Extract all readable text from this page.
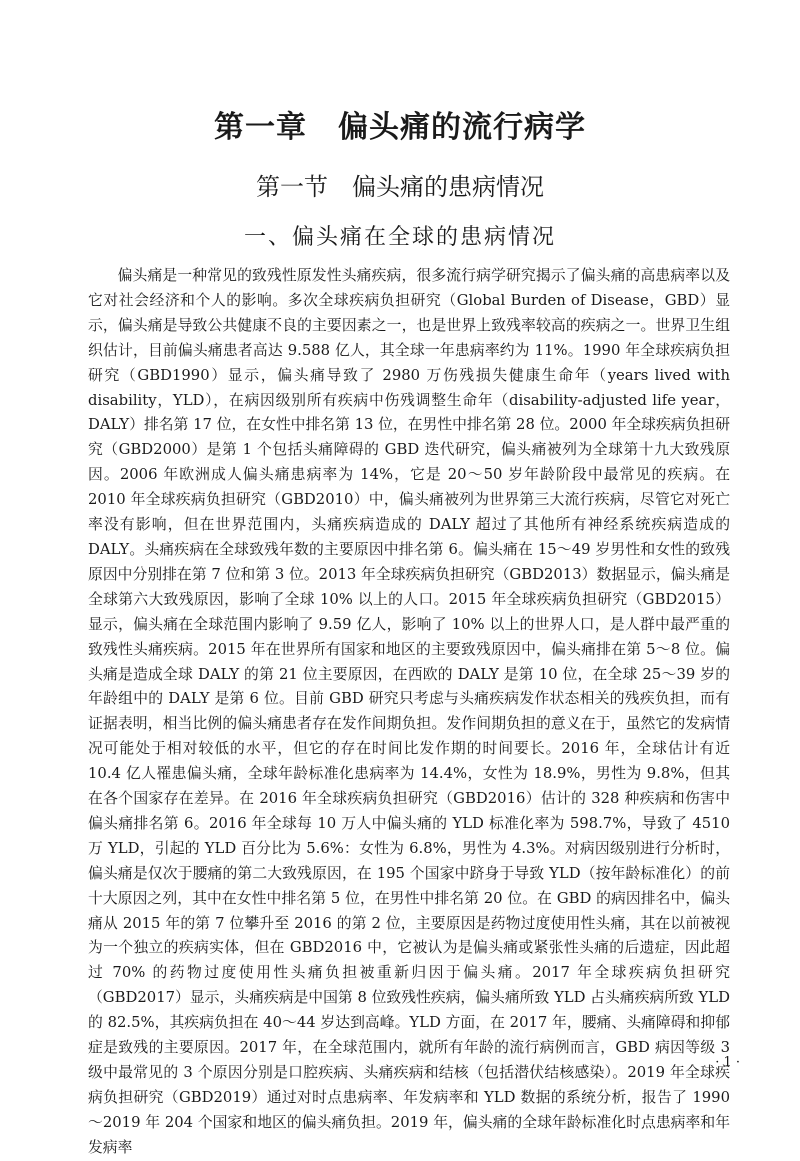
第一章　偏头痛的流行病学
第一节　偏头痛的患病情况
一、偏头痛在全球的患病情况

偏头痛是一种常见的致残性原发性头痛疾病，很多流行病学研究揭示了偏头痛的高患病率以及它对社会经济和个人的影响。多次全球疾病负担研究（Global Burden of Disease，GBD）显示，偏头痛是导致公共健康不良的主要因素之一，也是世界上致残率较高的疾病之一。世界卫生组织估计，目前偏头痛患者高达 9.588 亿人，其全球一年患病率约为 11%。1990 年全球疾病负担研究（GBD1990）显示，偏头痛导致了 2980 万伤残损失健康生命年（years lived with disability，YLD），在病因级别所有疾病中伤残调整生命年（disability-adjusted life year，DALY）排名第 17 位，在女性中排名第 13 位，在男性中排名第 28 位。2000 年全球疾病负担研究（GBD2000）是第 1 个包括头痛障碍的 GBD 迭代研究，偏头痛被列为全球第十九大致残原因。2006 年欧洲成人偏头痛患病率为 14%，它是 20～50 岁年龄阶段中最常见的疾病。在 2010 年全球疾病负担研究（GBD2010）中，偏头痛被列为世界第三大流行疾病，尽管它对死亡率没有影响，但在世界范围内，头痛疾病造成的 DALY 超过了其他所有神经系统疾病造成的 DALY。头痛疾病在全球致残年数的主要原因中排名第 6。偏头痛在 15～49 岁男性和女性的致残原因中分别排在第 7 位和第 3 位。2013 年全球疾病负担研究（GBD2013）数据显示，偏头痛是全球第六大致残原因，影响了全球 10% 以上的人口。2015 年全球疾病负担研究（GBD2015）显示，偏头痛在全球范围内影响了 9.59 亿人，影响了 10% 以上的世界人口，是人群中最严重的致残性头痛疾病。2015 年在世界所有国家和地区的主要致残原因中，偏头痛排在第 5～8 位。偏头痛是造成全球 DALY 的第 21 位主要原因，在西欧的 DALY 是第 10 位，在全球 25～39 岁的年龄组中的 DALY 是第 6 位。目前 GBD 研究只考虑与头痛疾病发作状态相关的残疾负担，而有证据表明，相当比例的偏头痛患者存在发作间期负担。发作间期负担的意义在于，虽然它的发病情况可能处于相对较低的水平，但它的存在时间比发作期的时间要长。2016 年，全球估计有近 10.4 亿人罹患偏头痛，全球年龄标准化患病率为 14.4%，女性为 18.9%，男性为 9.8%，但其在各个国家存在差异。在 2016 年全球疾病负担研究（GBD2016）估计的 328 种疾病和伤害中偏头痛排名第 6。2016 年全球每 10 万人中偏头痛的 YLD 标准化率为 598.7%，导致了 4510 万 YLD，引起的 YLD 百分比为 5.6%：女性为 6.8%，男性为 4.3%。对病因级别进行分析时，偏头痛是仅次于腰痛的第二大致残原因，在 195 个国家中跻身于导致 YLD（按年龄标准化）的前十大原因之列，其中在女性中排名第 5 位，在男性中排名第 20 位。在 GBD 的病因排名中，偏头痛从 2015 年的第 7 位攀升至 2016 的第 2 位，主要原因是药物过度使用性头痛，其在以前被视为一个独立的疾病实体，但在 GBD2016 中，它被认为是偏头痛或紧张性头痛的后遗症，因此超过 70% 的药物过度使用性头痛负担被重新归因于偏头痛。2017 年全球疾病负担研究（GBD2017）显示，头痛疾病是中国第 8 位致残性疾病，偏头痛所致 YLD 占头痛疾病所致 YLD 的 82.5%，其疾病负担在 40～44 岁达到高峰。YLD 方面，在 2017 年，腰痛、头痛障碍和抑郁症是致残的主要原因。2017 年，在全球范围内，就所有年龄的流行病例而言，GBD 病因等级 3 级中最常见的 3 个原因分别是口腔疾病、头痛疾病和结核（包括潜伏结核感染）。2019 年全球疾病负担研究（GBD2019）通过对时点患病率、年发病率和 YLD 数据的系统分析，报告了 1990～2019 年 204 个国家和地区的偏头痛负担。2019 年，偏头痛的全球年龄标准化时点患病率和年发病率

· 1 ·
